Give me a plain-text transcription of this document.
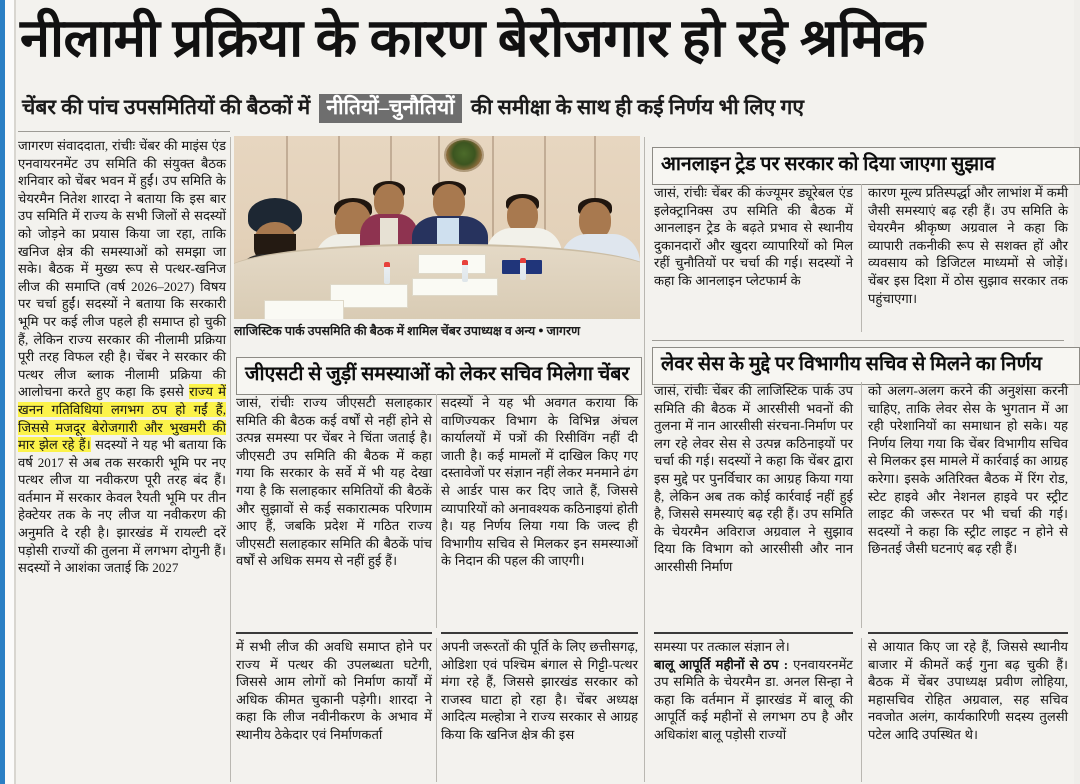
नीलामी प्रक्रिया के कारण बेरोजगार हो रहे श्रमिक
चेंबर की पांच उपसमितियों की बैठकों में नीतियों–चुनौतियों की समीक्षा के साथ ही कई निर्णय भी लिए गए
लाजिस्टिक पार्क उपसमिति की बैठक में शामिल चेंबर उपाध्यक्ष व अन्य ● जागरण

जागरण संवाददाता, रांचीः चेंबर की माइंस एंड एनवायरनमेंट उप समिति की संयुक्त बैठक शनिवार को चेंबर भवन में हुईं। उप समिति के चेयरमैन नितेश शारदा ने बताया कि इस बार उप समिति में राज्य के सभी जिलों से सदस्यों को जोड़ने का प्रयास किया जा रहा, ताकि खनिज क्षेत्र की समस्याओं को समझा जा सके। बैठक में मुख्य रूप से पत्थर-खनिज लीज की समाप्ति (वर्ष 2026–2027) विषय पर चर्चा हुईं। सदस्यों ने बताया कि सरकारी भूमि पर कई लीज पहले ही समाप्त हो चुकी हैं, लेकिन राज्य सरकार की नीलामी प्रक्रिया पूरी तरह विफल रही है। चेंबर ने सरकार की पत्थर लीज ब्लाक नीलामी प्रक्रिया की आलोचना करते हुए कहा कि इससे राज्य में खनन गतिविधियां लगभग ठप हो गईं हैं, जिससे मजदूर बेरोजगारी और भुखमरी की मार झेल रहे हैं। सदस्यों ने यह भी बताया कि वर्ष 2017 से अब तक सरकारी भूमि पर नए पत्थर लीज या नवीकरण पूरी तरह बंद हैं। वर्तमान में सरकार केवल रैयती भूमि पर तीन हेक्टेयर तक के नए लीज या नवीकरण की अनुमति दे रही है। झारखंड में रायल्टी दरें पड़ोसी राज्यों की तुलना में लगभग दोगुनी हैं। सदस्यों ने आशंका जताई कि 2027

जीएसटी से जुड़ीं समस्याओं को लेकर सचिव मिलेगा चेंबर

जासं, रांचीः राज्य जीएसटी सलाहकार समिति की बैठक कई वर्षों से नहीं होने से उत्पन्न समस्या पर चेंबर ने चिंता जताई है। जीएसटी उप समिति की बैठक में कहा गया कि सरकार के सर्वे में भी यह देखा गया है कि सलाहकार समितियों की बैठकें और सुझावों से कई सकारात्मक परिणाम आए हैं, जबकि प्रदेश में गठित राज्य जीएसटी सलाहकार समिति की बैठकें पांच वर्षों से अधिक समय से नहीं हुई हैं।

सदस्यों ने यह भी अवगत कराया कि वाणिज्यकर विभाग के विभिन्न अंचल कार्यालयों में पत्रों की रिसीविंग नहीं दी जाती है। कई मामलों में दाखिल किए गए दस्तावेजों पर संज्ञान नहीं लेकर मनमाने ढंग से आर्डर पास कर दिए जाते हैं, जिससे व्यापारियों को अनावश्यक कठिनाइयां होती है। यह निर्णय लिया गया कि जल्द ही विभागीय सचिव से मिलकर इन समस्याओं के निदान की पहल की जाएगी।

में सभी लीज की अवधि समाप्त होने पर राज्य में पत्थर की उपलब्धता घटेगी, जिससे आम लोगों को निर्माण कार्यों में अधिक कीमत चुकानी पड़ेगी। शारदा ने कहा कि लीज नवीनीकरण के अभाव में स्थानीय ठेकेदार एवं निर्माणकर्ता

अपनी जरूरतों की पूर्ति के लिए छत्तीसगढ़, ओडिशा एवं पश्चिम बंगाल से गिट्टी-पत्थर मंगा रहे हैं, जिससे झारखंड सरकार को राजस्व घाटा हो रहा है। चेंबर अध्यक्ष आदित्य मल्होत्रा ने राज्य सरकार से आग्रह किया कि खनिज क्षेत्र की इस

आनलाइन ट्रेड पर सरकार को दिया जाएगा सुझाव

जासं, रांचीः चेंबर की कंज्यूमर ड्यूरेबल एंड इलेक्ट्रानिक्स उप समिति की बैठक में आनलाइन ट्रेड के बढ़ते प्रभाव से स्थानीय दुकानदारों और खुदरा व्यापारियों को मिल रहीं चुनौतियों पर चर्चा की गई। सदस्यों ने कहा कि आनलाइन प्लेटफार्म के

कारण मूल्य प्रतिस्पर्द्धा और लाभांश में कमी जैसी समस्याएं बढ़ रही हैं। उप समिति के चेयरमैन श्रीकृष्ण अग्रवाल ने कहा कि व्यापारी तकनीकी रूप से सशक्त हों और व्यवसाय को डिजिटल माध्यमों से जोड़ें। चेंबर इस दिशा में ठोस सुझाव सरकार तक पहुंचाएगा।

लेवर सेस के मुद्दे पर विभागीय सचिव से मिलने का निर्णय

जासं, रांचीः चेंबर की लाजिस्टिक पार्क उप समिति की बैठक में आरसीसी भवनों की तुलना में नान आरसीसी संरचना-निर्माण पर लग रहे लेवर सेस से उत्पन्न कठिनाइयों पर चर्चा की गई। सदस्यों ने कहा कि चेंबर द्वारा इस मुद्दे पर पुनर्विचार का आग्रह किया गया है, लेकिन अब तक कोई कार्रवाई नहीं हुई है, जिससे समस्याएं बढ़ रही हैं। उप समिति के चेयरमैन अविराज अग्रवाल ने सुझाव दिया कि विभाग को आरसीसी और नान आरसीसी निर्माण

को अलग-अलग करने की अनुशंसा करनी चाहिए, ताकि लेवर सेस के भुगतान में आ रही परेशानियों का समाधान हो सके। यह निर्णय लिया गया कि चेंबर विभागीय सचिव से मिलकर इस मामले में कार्रवाई का आग्रह करेगा। इसके अतिरिक्त बैठक में रिंग रोड, स्टेट हाइवे और नेशनल हाइवे पर स्ट्रीट लाइट की जरूरत पर भी चर्चा की गई। सदस्यों ने कहा कि स्ट्रीट लाइट न होने से छिनतई जैसी घटनाएं बढ़ रही हैं।

समस्या पर तत्काल संज्ञान ले।
बालू आपूर्ति महीनों से ठप : एनवायरनमेंट उप समिति के चेयरमैन डा. अनल सिन्हा ने कहा कि वर्तमान में झारखंड में बालू की आपूर्ति कई महीनों से लगभग ठप है और अधिकांश बालू पड़ोसी राज्यों

से आयात किए जा रहे हैं, जिससे स्थानीय बाजार में कीमतें कई गुना बढ़ चुकी हैं। बैठक में चेंबर उपाध्यक्ष प्रवीण लोहिया, महासचिव रोहित अग्रवाल, सह सचिव नवजोत अलंग, कार्यकारिणी सदस्य तुलसी पटेल आदि उपस्थित थे।
